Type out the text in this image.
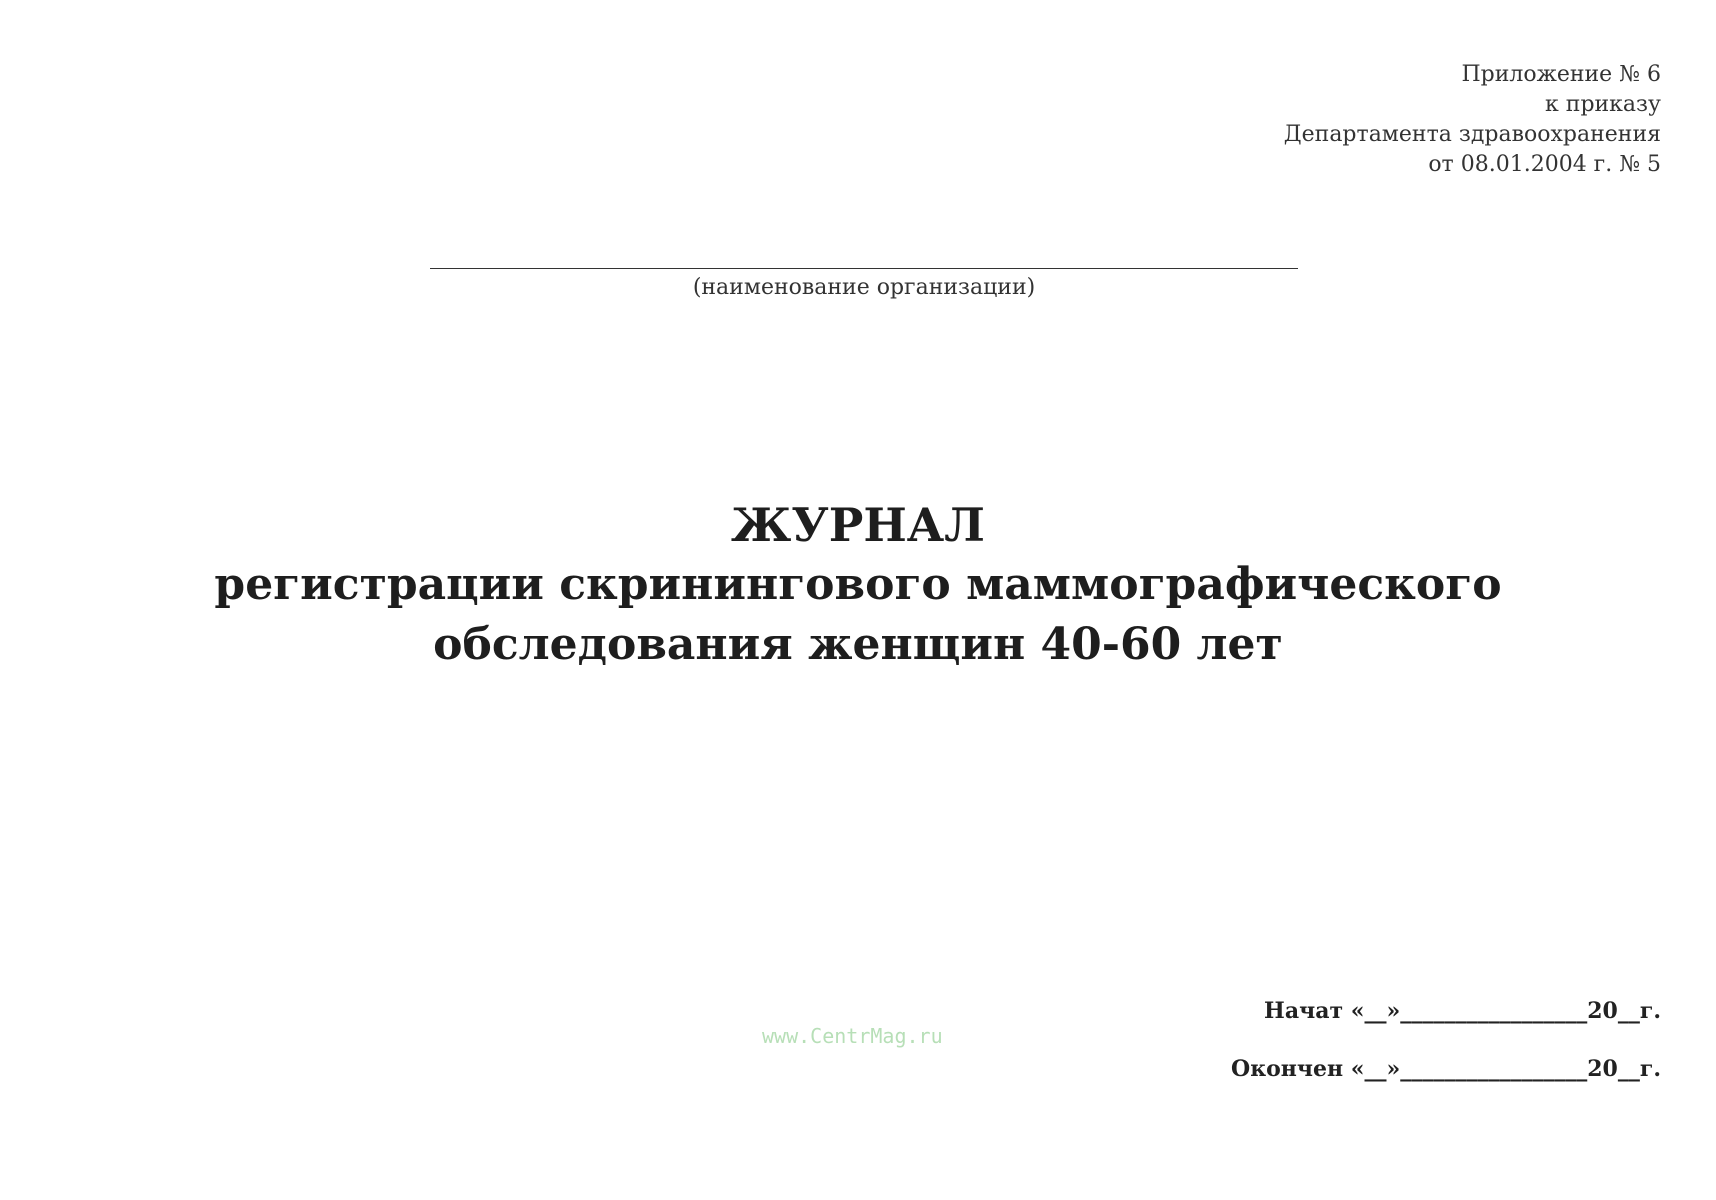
Приложение № 6
к приказу
Департамента здравоохранения
от 08.01.2004 г. № 5
(наименование организации)
ЖУРНАЛ
регистрации скринингового маммографического
обследования женщин 40-60 лет
www.CentrMag.ru
Начат «__»_________________20__г.
Окончен «__»_________________20__г.
